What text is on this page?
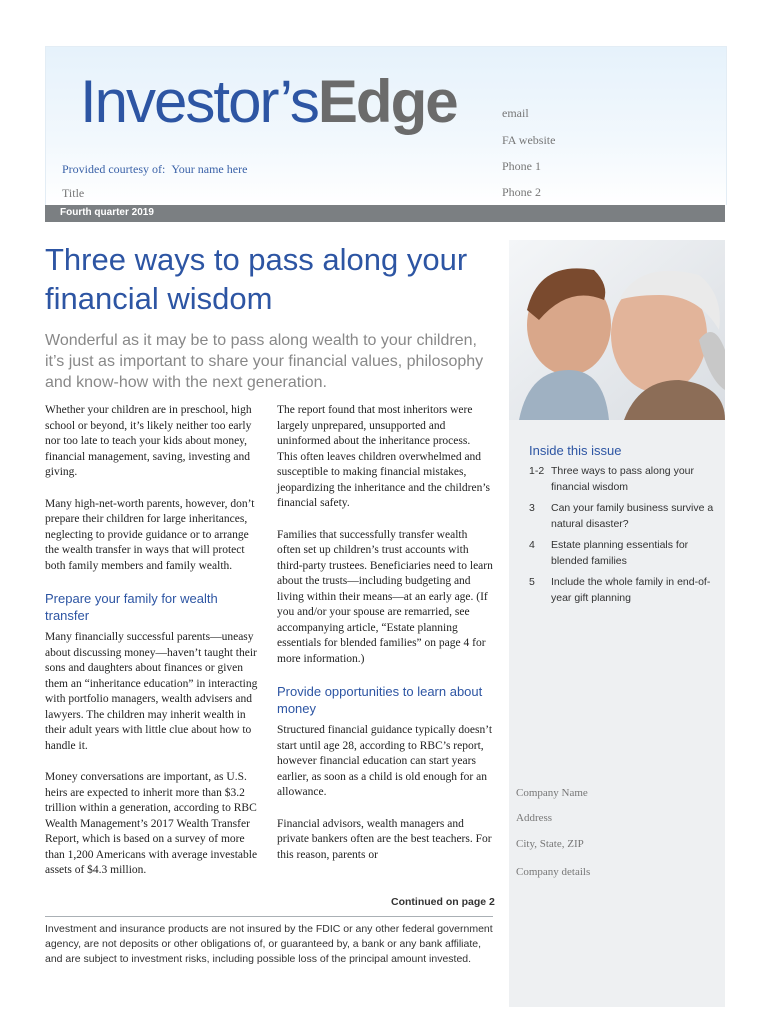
Investor’sEdge
Provided courtesy of: Your name here
Title
email
FA website
Phone 1
Phone 2
Fourth quarter 2019
Three ways to pass along your financial wisdom
Wonderful as it may be to pass along wealth to your children, it’s just as important to share your financial values, philosophy and know-how with the next generation.

Whether your children are in preschool, high school or beyond, it’s likely neither too early nor too late to teach your kids about money, financial management, saving, investing and giving.

Many high-net-worth parents, however, don’t prepare their children for large inheritances, neglecting to provide guidance or to arrange the wealth transfer in ways that will protect both family members and family wealth.

Prepare your family for wealth transfer

Many financially successful parents—uneasy about discussing money—haven’t taught their sons and daughters about finances or given them an “inheritance education” in interacting with portfolio managers, wealth advisers and lawyers. The children may inherit wealth in their adult years with little clue about how to handle it.

Money conversations are important, as U.S. heirs are expected to inherit more than $3.2 trillion within a generation, according to RBC Wealth Management’s 2017 Wealth Transfer Report, which is based on a survey of more than 1,200 Americans with average investable assets of $4.3 million.

The report found that most inheritors were largely unprepared, unsupported and uninformed about the inheritance process. This often leaves children overwhelmed and susceptible to making financial mistakes, jeopardizing the inheritance and the children’s financial safety.

Families that successfully transfer wealth often set up children’s trust accounts with third-party trustees. Beneficiaries need to learn about the trusts—including budgeting and living within their means—at an early age. (If you and/or your spouse are remarried, see accompanying article, “Estate planning essentials for blended families” on page 4 for more information.)

Provide opportunities to learn about money

Structured financial guidance typically doesn’t start until age 28, according to RBC’s report, however financial education can start years earlier, as soon as a child is old enough for an allowance.

Financial advisors, wealth managers and private bankers often are the best teachers. For this reason, parents or

Continued on page 2
Inside this issue
1-2 Three ways to pass along your financial wisdom
3	Can your family business survive a natural disaster?
4	Estate planning essentials for blended families
5	Include the whole family in end-of-year gift planning
Company Name
Address
City, State, ZIP
Company details
Investment and insurance products are not insured by the FDIC or any other federal government agency, are not deposits or other obligations of, or guaranteed by, a bank or any bank affiliate, and are subject to investment risks, including possible loss of the principal amount invested.
